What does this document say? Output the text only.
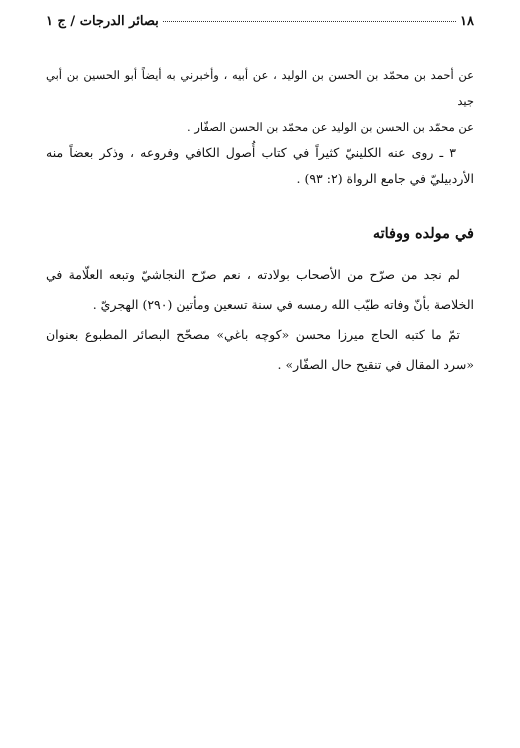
١٨
بصائر الدرجات / ج ١

عن أحمد بن محمّد بن الحسن بن الوليد ، عن أبيه ، وأخبرني به أيضاً أبو الحسين بن أبي جيد

عن محمّد بن الحسن بن الوليد عن محمّد بن الحسن الصفّار .

٣ ـ روى عنه الكلينيّ كثيراً في كتاب أُصول الكافي وفروعه ، وذكر بعضاً منه الأردبيليّ في جامع الرواة (٢: ٩٣) .

في مولده ووفاته

لم نجد من صرّح من الأصحاب بولادته ، نعم صرّح النجاشيّ وتبعه العلّامة في الخلاصة بأنّ وفاته طيّب الله رمسه في سنة تسعين ومأتين (٢٩٠) الهجريّ .

تمّ ما كتبه الحاج ميرزا محسن «كوچه باغي» مصحّح البصائر المطبوع بعنوان «سرد المقال في تنقيح حال الصفّار» .
